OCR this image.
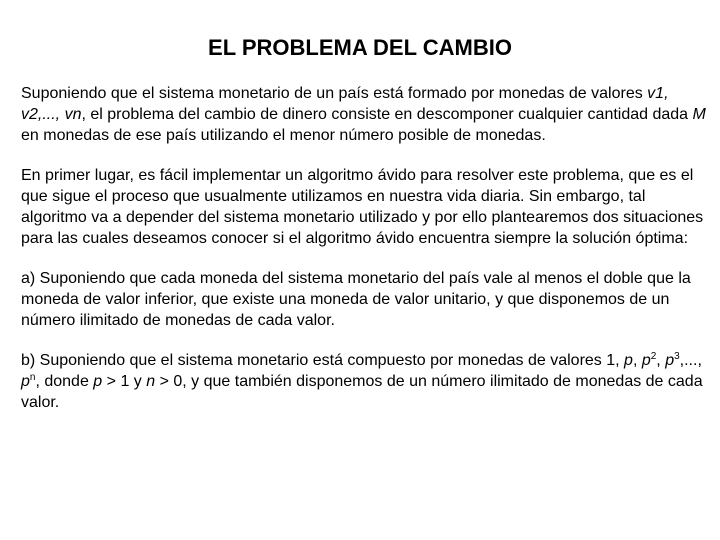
EL PROBLEMA DEL CAMBIO

Suponiendo que el sistema monetario de un país está formado por monedas de valores v1, v2,..., vn, el problema del cambio de dinero consiste en descomponer cualquier cantidad dada M en monedas de ese país utilizando el menor número posible de monedas.

En primer lugar, es fácil implementar un algoritmo ávido para resolver este problema, que es el que sigue el proceso que usualmente utilizamos en nuestra vida diaria. Sin embargo, tal algoritmo va a depender del sistema monetario utilizado y por ello plantearemos dos situaciones para las cuales deseamos conocer si el algoritmo ávido encuentra siempre la solución óptima:

a) Suponiendo que cada moneda del sistema monetario del país vale al menos el doble que la moneda de valor inferior, que existe una moneda de valor unitario, y que disponemos de un número ilimitado de monedas de cada valor.

b) Suponiendo que el sistema monetario está compuesto por monedas de valores 1, p, $p^2$, $p^3$,..., $p^n$, donde p > 1 y n > 0, y que también disponemos de un número ilimitado de monedas de cada valor.
